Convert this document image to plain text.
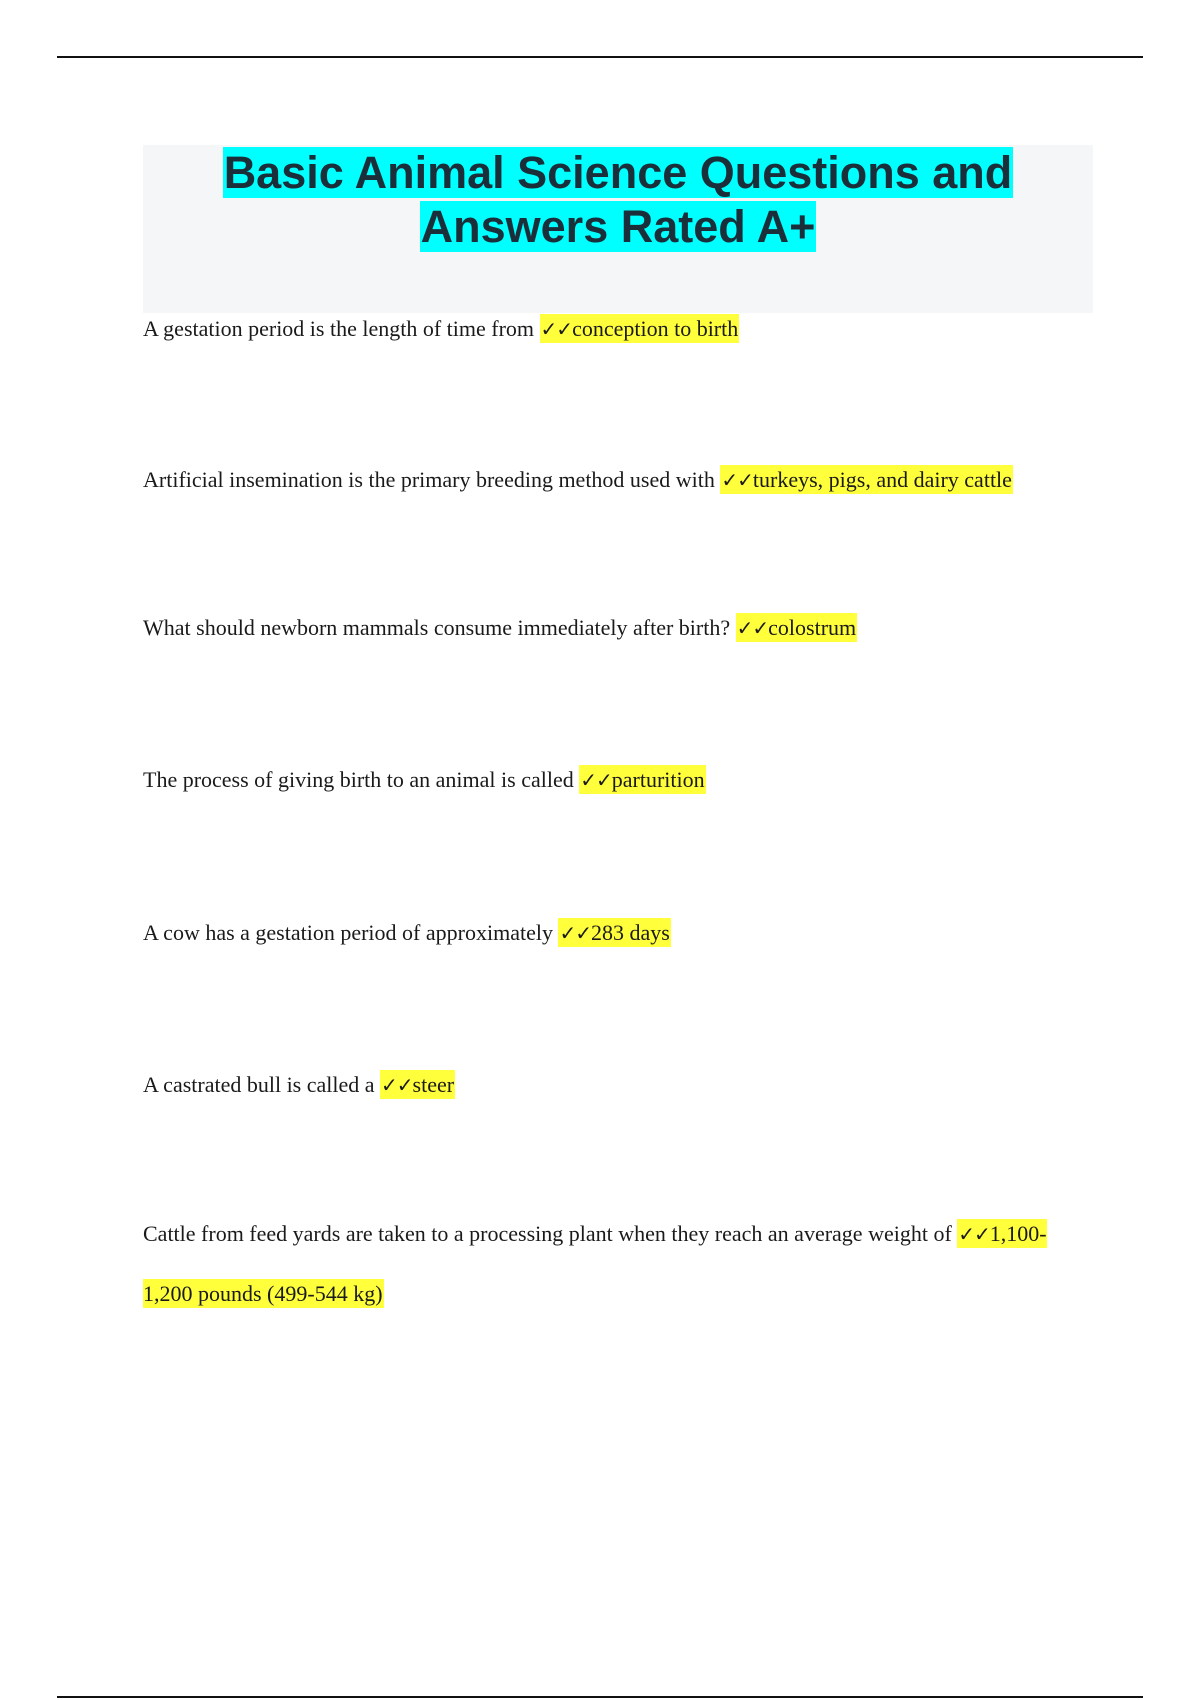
Basic Animal Science Questions and
Answers Rated A+

A gestation period is the length of time from ✓✓conception to birth

Artificial insemination is the primary breeding method used with ✓✓turkeys, pigs, and dairy cattle

What should newborn mammals consume immediately after birth? ✓✓colostrum

The process of giving birth to an animal is called ✓✓parturition

A cow has a gestation period of approximately ✓✓283 days

A castrated bull is called a ✓✓steer

Cattle from feed yards are taken to a processing plant when they reach an average weight of ✓✓1,100-1,200 pounds (499-544 kg)
